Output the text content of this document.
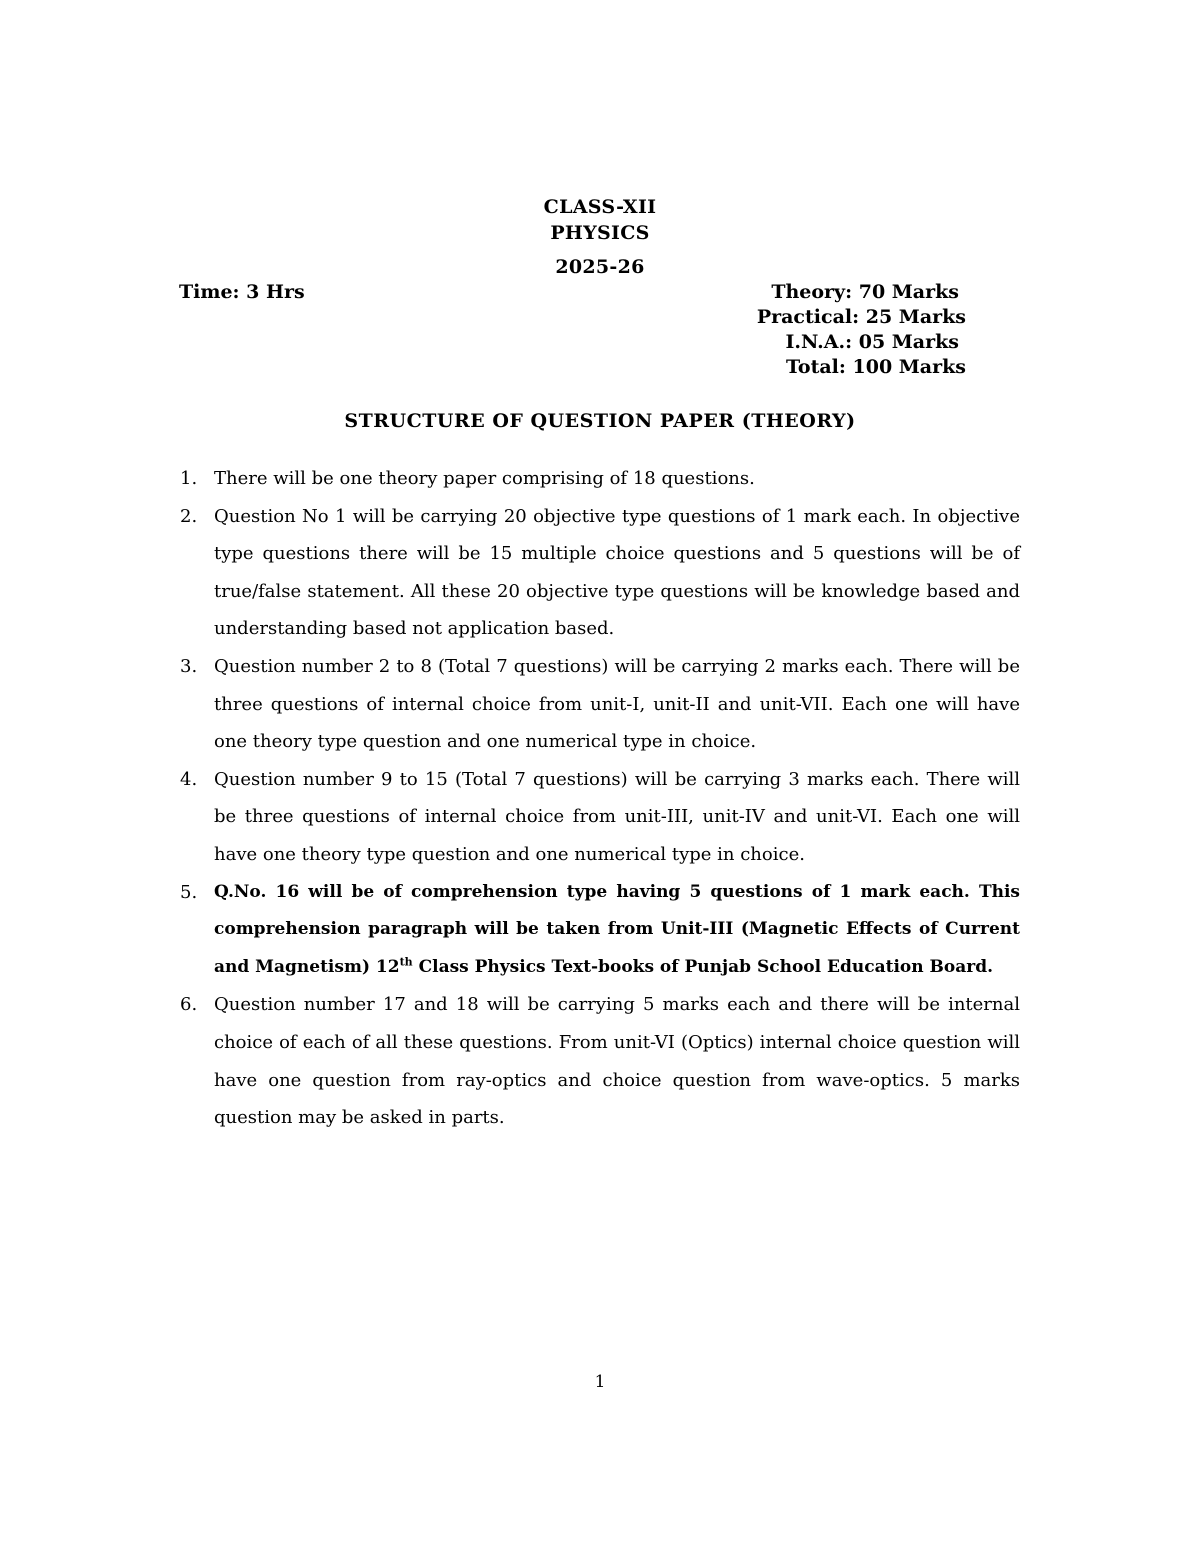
CLASS-XII
PHYSICS
2025-26
Time: 3 Hrs	Theory: 70 Marks
Practical: 25 Marks
I.N.A.: 05 Marks
Total: 100 Marks
STRUCTURE OF QUESTION PAPER (THEORY)
1. There will be one theory paper comprising of 18 questions.
2. Question No 1 will be carrying 20 objective type questions of 1 mark each. In objective type questions there will be 15 multiple choice questions and 5 questions will be of true/false statement. All these 20 objective type questions will be knowledge based and understanding based not application based.
3. Question number 2 to 8 (Total 7 questions) will be carrying 2 marks each. There will be three questions of internal choice from unit-I, unit-II and unit-VII. Each one will have one theory type question and one numerical type in choice.
4. Question number 9 to 15 (Total 7 questions) will be carrying 3 marks each. There will be three questions of internal choice from unit-III, unit-IV and unit-VI. Each one will have one theory type question and one numerical type in choice.
5. Q.No. 16 will be of comprehension type having 5 questions of 1 mark each. This comprehension paragraph will be taken from Unit-III (Magnetic Effects of Current and Magnetism) 12th Class Physics Text-books of Punjab School Education Board.
6. Question number 17 and 18 will be carrying 5 marks each and there will be internal choice of each of all these questions. From unit-VI (Optics) internal choice question will have one question from ray-optics and choice question from wave-optics. 5 marks question may be asked in parts.
1
